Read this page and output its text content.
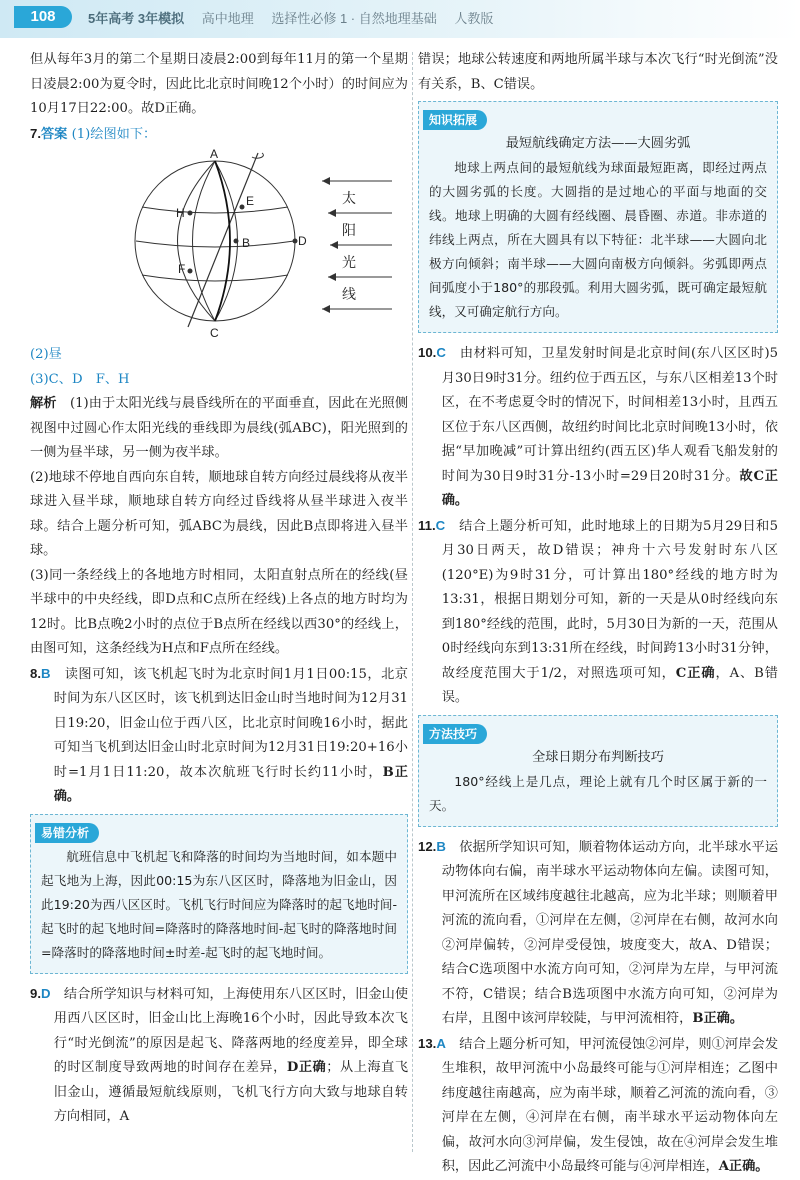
108	5年高考 3年模拟 高中地理 选择性必修 1 · 自然地理基础 人教版

但从每年3月的第二个星期日凌晨2:00到每年11月的第一个星期日凌晨2:00为夏令时，因此比北京时间晚12个小时）的时间应为10月17日22:00。故D正确。

7.答案 (1)绘图如下：

A
C
B	D
E
F
H
太
阳
光
线

(2)昼

(3)C、D　F、H

解析　 (1)由于太阳光线与晨昏线所在的平面垂直，因此在光照侧视图中过圆心作太阳光线的垂线即为晨线(弧ABC)，阳光照到的一侧为昼半球，另一侧为夜半球。

(2)地球不停地自西向东自转，顺地球自转方向经过晨线将从夜半球进入昼半球，顺地球自转方向经过昏线将从昼半球进入夜半球。结合上题分析可知，弧ABC为晨线，因此B点即将进入昼半球。

(3)同一条经线上的各地地方时相同，太阳直射点所在的经线(昼半球中的中央经线，即D点和C点所在经线)上各点的地方时均为12时。比B点晚2小时的点位于B点所在经线以西30°的经线上，由图可知，这条经线为H点和F点所在经线。

8.B　 读图可知，该飞机起飞时为北京时间1月1日00:15，北京时间为东八区区时，该飞机到达旧金山时当地时间为12月31日19:20，旧金山位于西八区，比北京时间晚16小时，据此可知当飞机到达旧金山时北京时间为12月31日19:20+16小时=1月1日11:20，故本次航班飞行时长约11小时，B正确。

易错分析

航班信息中飞机起飞和降落的时间均为当地时间，如本题中起飞地为上海，因此00:15为东八区区时，降落地为旧金山，因此19:20为西八区区时。飞机飞行时间应为降落时的起飞地时间-起飞时的起飞地时间=降落时的降落地时间-起飞时的降落地时间=降落时的降落地时间±时差-起飞时的起飞地时间。

9.D　 结合所学知识与材料可知，上海使用东八区区时，旧金山使用西八区区时，旧金山比上海晚16个小时，因此导致本次飞行“时光倒流”的原因是起飞、降落两地的经度差异，即全球的时区制度导致两地的时间存在差异，D正确；从上海直飞旧金山，遵循最短航线原则，飞机飞行方向大致与地球自转方向相同，A

错误；地球公转速度和两地所属半球与本次飞行“时光倒流”没有关系，B、C错误。

知识拓展
最短航线确定方法——大圆劣弧

地球上两点间的最短航线为球面最短距离，即经过两点的大圆劣弧的长度。大圆指的是过地心的平面与地面的交线。地球上明确的大圆有经线圈、晨昏圈、赤道。非赤道的纬线上两点，所在大圆具有以下特征：北半球——大圆向北极方向倾斜；南半球——大圆向南极方向倾斜。劣弧即两点间弧度小于180°的那段弧。利用大圆劣弧，既可确定最短航线，又可确定航行方向。

10.C　 由材料可知，卫星发射时间是北京时间(东八区区时)5月30日9时31分。纽约位于西五区，与东八区相差13个时区，在不考虑夏令时的情况下，时间相差13小时，且西五区位于东八区西侧，故纽约时间比北京时间晚13小时，依据“早加晚减”可计算出纽约(西五区)华人观看飞船发射的时间为30日9时31分-13小时=29日20时31分。故C正确。

11.C　 结合上题分析可知，此时地球上的日期为5月29日和5月30日两天，故D错误；神舟十六号发射时东八区(120°E)为9时31分，可计算出180°经线的地方时为13:31，根据日期划分可知，新的一天是从0时经线向东到180°经线的范围，此时，5月30日为新的一天，范围从0时经线向东到13:31所在经线，时间跨13小时31分钟，故经度范围大于1/2，对照选项可知，C正确，A、B错误。

方法技巧
全球日期分布判断技巧

180°经线上是几点，理论上就有几个时区属于新的一天。

12.B　 依据所学知识可知，顺着物体运动方向，北半球水平运动物体向右偏，南半球水平运动物体向左偏。读图可知，甲河流所在区域纬度越往北越高，应为北半球；则顺着甲河流的流向看，①河岸在左侧，②河岸在右侧，故河水向②河岸偏转，②河岸受侵蚀，坡度变大，故A、D错误；结合C选项图中水流方向可知，②河岸为左岸，与甲河流不符，C错误；结合B选项图中水流方向可知，②河岸为右岸，且图中该河岸较陡，与甲河流相符，B正确。

13.A　 结合上题分析可知，甲河流侵蚀②河岸，则①河岸会发生堆积，故甲河流中小岛最终可能与①河岸相连；乙图中纬度越往南越高，应为南半球，顺着乙河流的流向看，③河岸在左侧，④河岸在右侧，南半球水平运动物体向左偏，故河水向③河岸偏，发生侵蚀，故在④河岸会发生堆积，因此乙河流中小岛最终可能与④河岸相连，A正确。
